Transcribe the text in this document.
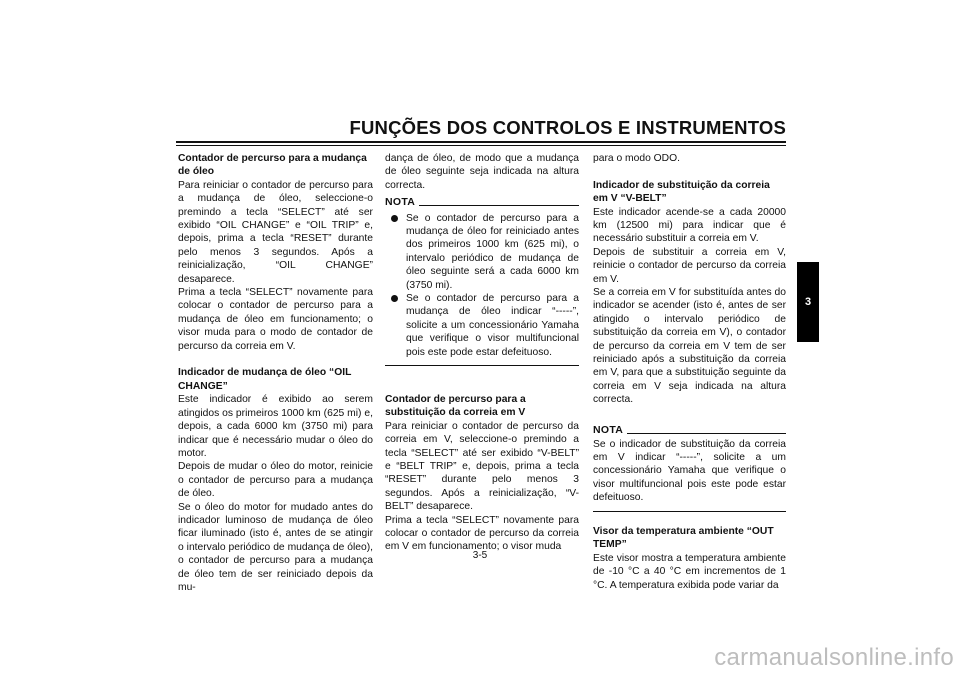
FUNÇÕES DOS CONTROLOS E INSTRUMENTOS
3
Contador de percurso para a mudança de óleo

Para reiniciar o contador de percurso para a mudança de óleo, seleccione-o premindo a tecla “SELECT” até ser exibido “OIL CHANGE” e “OIL TRIP” e, depois, prima a tecla “RESET” durante pelo menos 3 segundos. Após a reinicialização, “OIL CHANGE” desaparece.

Prima a tecla “SELECT” novamente para colocar o contador de percurso para a mudança de óleo em funcionamento; o visor muda para o modo de contador de percurso da correia em V.

Indicador de mudança de óleo “OIL CHANGE”

Este indicador é exibido ao serem atingidos os primeiros 1000 km (625 mi) e, depois, a cada 6000 km (3750 mi) para indicar que é necessário mudar o óleo do motor.

Depois de mudar o óleo do motor, reinicie o contador de percurso para a mudança de óleo.

Se o óleo do motor for mudado antes do indicador luminoso de mudança de óleo ficar iluminado (isto é, antes de se atingir o intervalo periódico de mudança de óleo), o contador de percurso para a mudança de óleo tem de ser reiniciado depois da mu-

dança de óleo, de modo que a mudança de óleo seguinte seja indicada na altura correcta.

NOTA
Se o contador de percurso para a mudança de óleo for reiniciado antes dos primeiros 1000 km (625 mi), o intervalo periódico de mudança de óleo seguinte será a cada 6000 km (3750 mi).
Se o contador de percurso para a mudança de óleo indicar “-----”, solicite a um concessionário Yamaha que verifique o visor multifuncional pois este pode estar defeituoso.
Contador de percurso para a substituição da correia em V

Para reiniciar o contador de percurso da correia em V, seleccione-o premindo a tecla “SELECT” até ser exibido “V-BELT” e “BELT TRIP” e, depois, prima a tecla “RESET” durante pelo menos 3 segundos. Após a reinicialização, “V-BELT” desaparece.

Prima a tecla “SELECT” novamente para colocar o contador de percurso da correia em V em funcionamento; o visor muda

para o modo ODO.

Indicador de substituição da correia em V “V-BELT”

Este indicador acende-se a cada 20000 km (12500 mi) para indicar que é necessário substituir a correia em V.

Depois de substituir a correia em V, reinicie o contador de percurso da correia em V.

Se a correia em V for substituída antes do indicador se acender (isto é, antes de ser atingido o intervalo periódico de substituição da correia em V), o contador de percurso da correia em V tem de ser reiniciado após a substituição da correia em V, para que a substituição seguinte da correia em V seja indicada na altura correcta.

NOTA

Se o indicador de substituição da correia em V indicar “-----”, solicite a um concessionário Yamaha que verifique o visor multifuncional pois este pode estar defeituoso.

Visor da temperatura ambiente “OUT TEMP”

Este visor mostra a temperatura ambiente de -10 °C a 40 °C em incrementos de 1 °C. A temperatura exibida pode variar da

3-5
carmanualsonline.info
